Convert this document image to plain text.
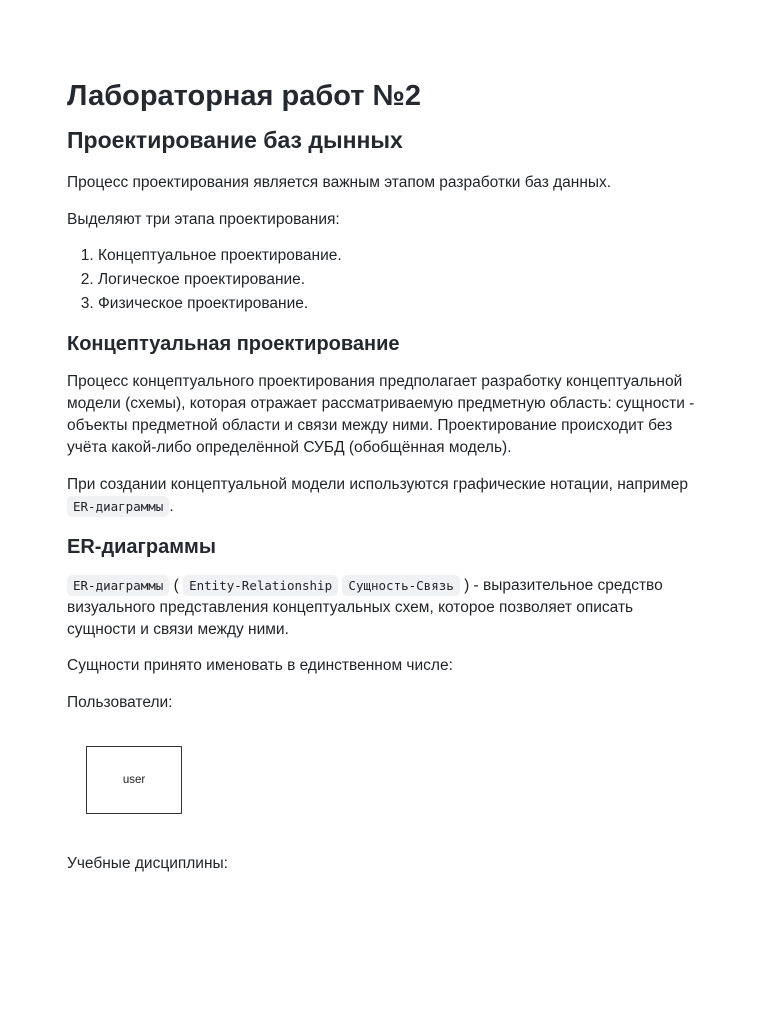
Лабораторная работ №2
Проектирование баз дынных

Процесс проектирования является важным этапом разработки баз данных.

Выделяют три этапа проектирования:

1. Концептуальное проектирование.
2. Логическое проектирование.
3. Физическое проектирование.
Концептуальная проектирование

Процесс концептуального проектирования предполагает разработку концептуальной модели (схемы), которая отражает рассматриваемую предметную область: сущности - объекты предметной области и связи между ними. Проектирование происходит без учёта какой-либо определённой СУБД (обобщённая модель).

При создании концептуальной модели используются графические нотации, например
ER-диаграммы .

ER-диаграммы

ER-диаграммы ( Entity-Relationship Сущность-Связь ) - выразительное средство визуального представления концептуальных схем, которое позволяет описать сущности и связи между ними.

Сущности принято именовать в единственном числе:

Пользователи:

user

Учебные дисциплины:
